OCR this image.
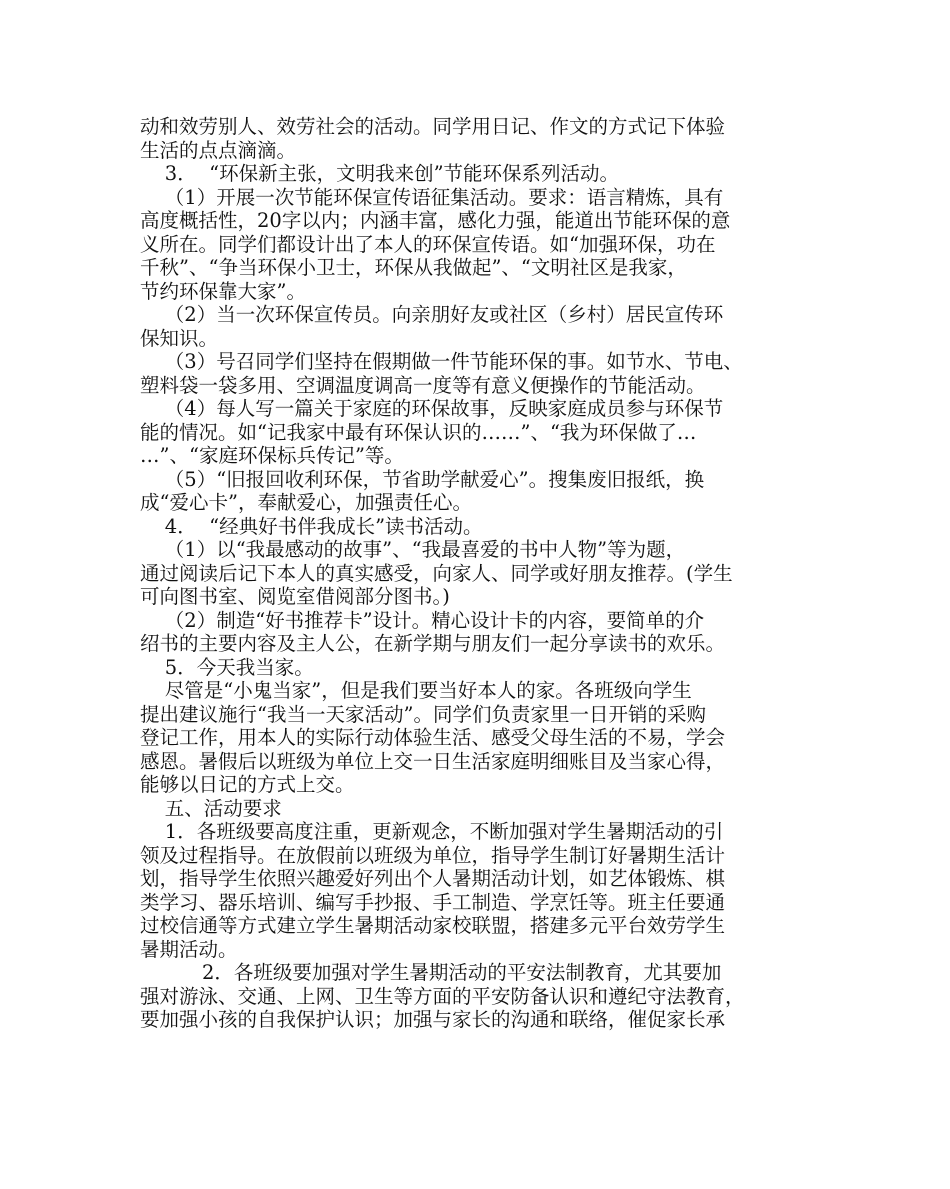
动和效劳别人、效劳社会的活动。同学用日记、作文的方式记下体验
生活的点点滴滴。
3．  “环保新主张，文明我来创”节能环保系列活动。
（1）开展一次节能环保宣传语征集活动。要求：语言精炼，具有
高度概括性，20字以内；内涵丰富，感化力强，能道出节能环保的意
义所在。同学们都设计出了本人的环保宣传语。如“加强环保，功在
千秋”、“争当环保小卫士，环保从我做起”、“文明社区是我家，
节约环保靠大家”。
（2）当一次环保宣传员。向亲朋好友或社区（乡村）居民宣传环
保知识。
（3）号召同学们坚持在假期做一件节能环保的事。如节水、节电、
塑料袋一袋多用、空调温度调高一度等有意义便操作的节能活动。
（4）每人写一篇关于家庭的环保故事，反映家庭成员参与环保节
能的情况。如“记我家中最有环保认识的……”、“我为环保做了…
…”、“家庭环保标兵传记”等。
（5）“旧报回收利环保，节省助学献爱心”。搜集废旧报纸，换
成“爱心卡”，奉献爱心，加强责任心。
4．  “经典好书伴我成长”读书活动。
（1）以“我最感动的故事”、“我最喜爱的书中人物”等为题，
通过阅读后记下本人的真实感受，向家人、同学或好朋友推荐。(学生
可向图书室、阅览室借阅部分图书。)
（2）制造“好书推荐卡”设计。精心设计卡的内容，要简单的介
绍书的主要内容及主人公，在新学期与朋友们一起分享读书的欢乐。
5．今天我当家。
尽管是“小鬼当家”，但是我们要当好本人的家。各班级向学生
提出建议施行“我当一天家活动”。同学们负责家里一日开销的采购
登记工作，用本人的实际行动体验生活、感受父母生活的不易，学会
感恩。暑假后以班级为单位上交一日生活家庭明细账目及当家心得，
能够以日记的方式上交。
五、活动要求
1．各班级要高度注重，更新观念，不断加强对学生暑期活动的引
领及过程指导。在放假前以班级为单位，指导学生制订好暑期生活计
划，指导学生依照兴趣爱好列出个人暑期活动计划，如艺体锻炼、棋
类学习、器乐培训、编写手抄报、手工制造、学烹饪等。班主任要通
过校信通等方式建立学生暑期活动家校联盟，搭建多元平台效劳学生
暑期活动。
2．各班级要加强对学生暑期活动的平安法制教育，尤其要加
强对游泳、交通、上网、卫生等方面的平安防备认识和遵纪守法教育，
要加强小孩的自我保护认识；加强与家长的沟通和联络，催促家长承
